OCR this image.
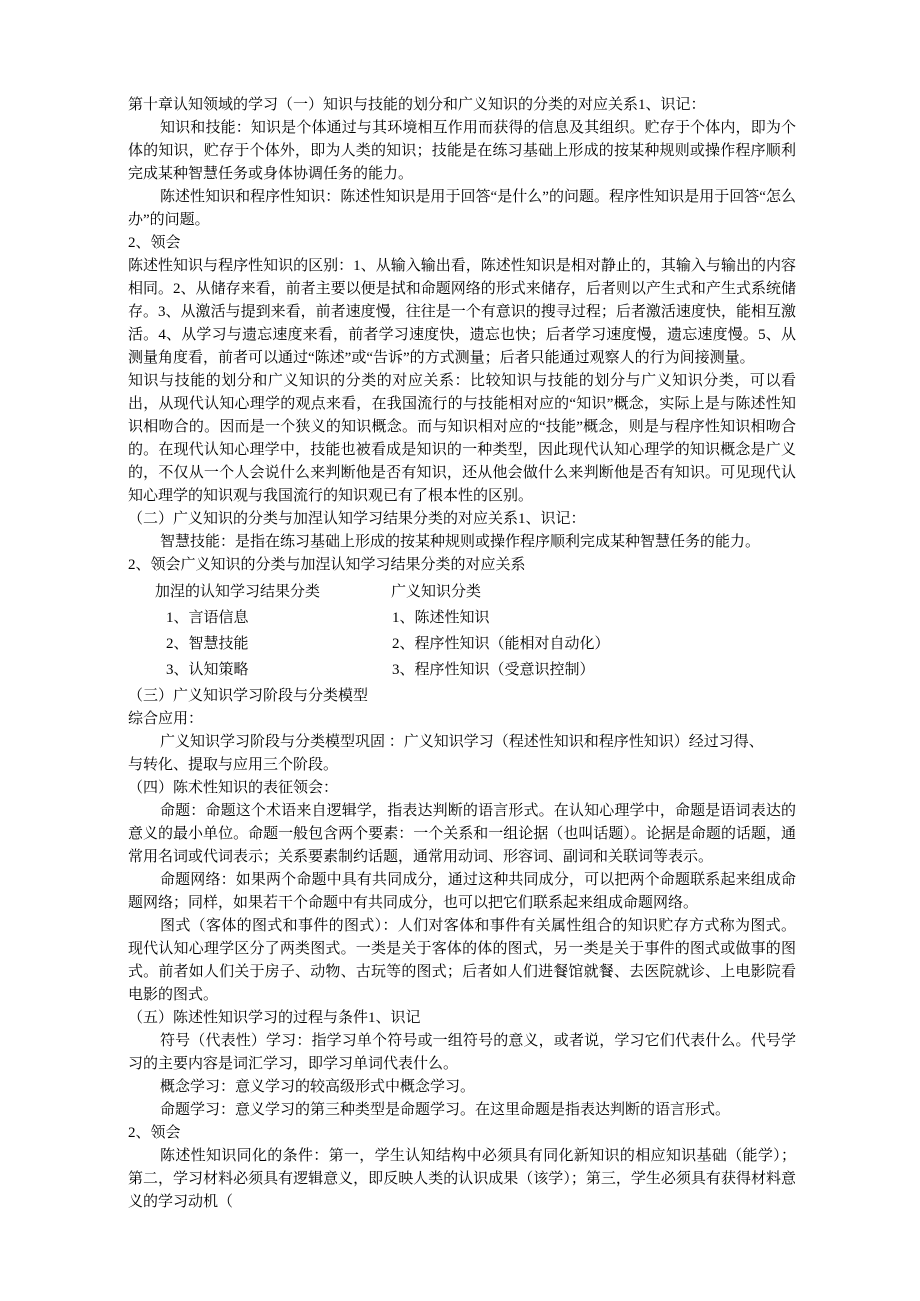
第十章认知领域的学习（一）知识与技能的划分和广义知识的分类的对应关系1、识记：

知识和技能：知识是个体通过与其环境相互作用而获得的信息及其组织。贮存于个体内，即为个体的知识，贮存于个体外，即为人类的知识；技能是在练习基础上形成的按某种规则或操作程序顺利完成某种智慧任务或身体协调任务的能力。

陈述性知识和程序性知识：陈述性知识是用于回答“是什么”的问题。程序性知识是用于回答“怎么办”的问题。

2、领会

陈述性知识与程序性知识的区别：1、从输入输出看，陈述性知识是相对静止的，其输入与输出的内容相同。2、从储存来看，前者主要以便是拭和命题网络的形式来储存，后者则以产生式和产生式系统储存。3、从激活与提到来看，前者速度慢，往往是一个有意识的搜寻过程；后者激活速度快，能相互激活。4、从学习与遗忘速度来看，前者学习速度快，遗忘也快；后者学习速度慢，遗忘速度慢。5、从测量角度看，前者可以通过“陈述”或“告诉”的方式测量；后者只能通过观察人的行为间接测量。

知识与技能的划分和广义知识的分类的对应关系：比较知识与技能的划分与广义知识分类，可以看出，从现代认知心理学的观点来看，在我国流行的与技能相对应的“知识”概念，实际上是与陈述性知识相吻合的。因而是一个狭义的知识概念。而与知识相对应的“技能”概念，则是与程序性知识相吻合的。在现代认知心理学中，技能也被看成是知识的一种类型，因此现代认知心理学的知识概念是广义的，不仅从一个人会说什么来判断他是否有知识，还从他会做什么来判断他是否有知识。可见现代认知心理学的知识观与我国流行的知识观已有了根本性的区别。

（二）广义知识的分类与加涅认知学习结果分类的对应关系1、识记：

智慧技能：是指在练习基础上形成的按某种规则或操作程序顺利完成某种智慧任务的能力。

2、领会广义知识的分类与加涅认知学习结果分类的对应关系

加涅的认知学习结果分类	广义知识分类
1、言语信息	1、陈述性知识
2、智慧技能	2、程序性知识（能相对自动化）
3、认知策略	3、程序性知识（受意识控制）

（三）广义知识学习阶段与分类模型

综合应用：

广义知识学习阶段与分类模型巩固 ：广义知识学习（程述性知识和程序性知识）经过习得、

与转化、提取与应用三个阶段。

（四）陈术性知识的表征领会：

命题：命题这个术语来自逻辑学，指表达判断的语言形式。在认知心理学中，命题是语词表达的意义的最小单位。命题一般包含两个要素：一个关系和一组论据（也叫话题）。论据是命题的话题，通常用名词或代词表示；关系要素制约话题，通常用动词、形容词、副词和关联词等表示。

命题网络：如果两个命题中具有共同成分，通过这种共同成分，可以把两个命题联系起来组成命题网络；同样，如果若干个命题中有共同成分，也可以把它们联系起来组成命题网络。

图式（客体的图式和事件的图式）：人们对客体和事件有关属性组合的知识贮存方式称为图式。现代认知心理学区分了两类图式。一类是关于客体的体的图式，另一类是关于事件的图式或做事的图式。前者如人们关于房子、动物、古玩等的图式；后者如人们进餐馆就餐、去医院就诊、上电影院看电影的图式。

（五）陈述性知识学习的过程与条件1、识记

符号（代表性）学习：指学习单个符号或一组符号的意义，或者说，学习它们代表什么。代号学习的主要内容是词汇学习，即学习单词代表什么。

概念学习：意义学习的较高级形式中概念学习。

命题学习：意义学习的第三种类型是命题学习。在这里命题是指表达判断的语言形式。

2、领会

陈述性知识同化的条件：第一，学生认知结构中必须具有同化新知识的相应知识基础（能学）；第二，学习材料必须具有逻辑意义，即反映人类的认识成果（该学）；第三，学生必须具有获得材料意义的学习动机（
